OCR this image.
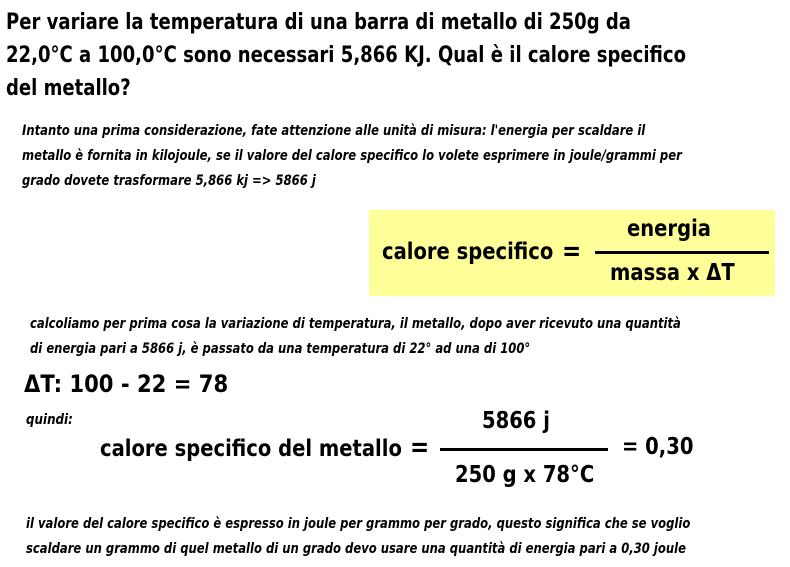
Per variare la temperatura di una barra di metallo di 250g da
22,0°C a 100,0°C sono necessari 5,866 KJ. Qual è il calore specifico
del metallo?
Intanto una prima considerazione, fate attenzione alle unità di misura: l'energia per scaldare il
metallo è fornita in kilojoule, se il valore del calore specifico lo volete esprimere in joule/grammi per
grado dovete trasformare 5,866 kj => 5866 j
calore specifico =
energia
massa x ΔT
calcoliamo per prima cosa la variazione di temperatura, il metallo, dopo aver ricevuto una quantità
di energia pari a 5866 j, è passato da una temperatura di 22° ad una di 100°
ΔT: 100 - 22 = 78
quindi:
calore specifico del metallo =
5866 j
250 g x 78°C
= 0,30
il valore del calore specifico è espresso in joule per grammo per grado, questo significa che se voglio
scaldare un grammo di quel metallo di un grado devo usare una quantità di energia pari a 0,30 joule
